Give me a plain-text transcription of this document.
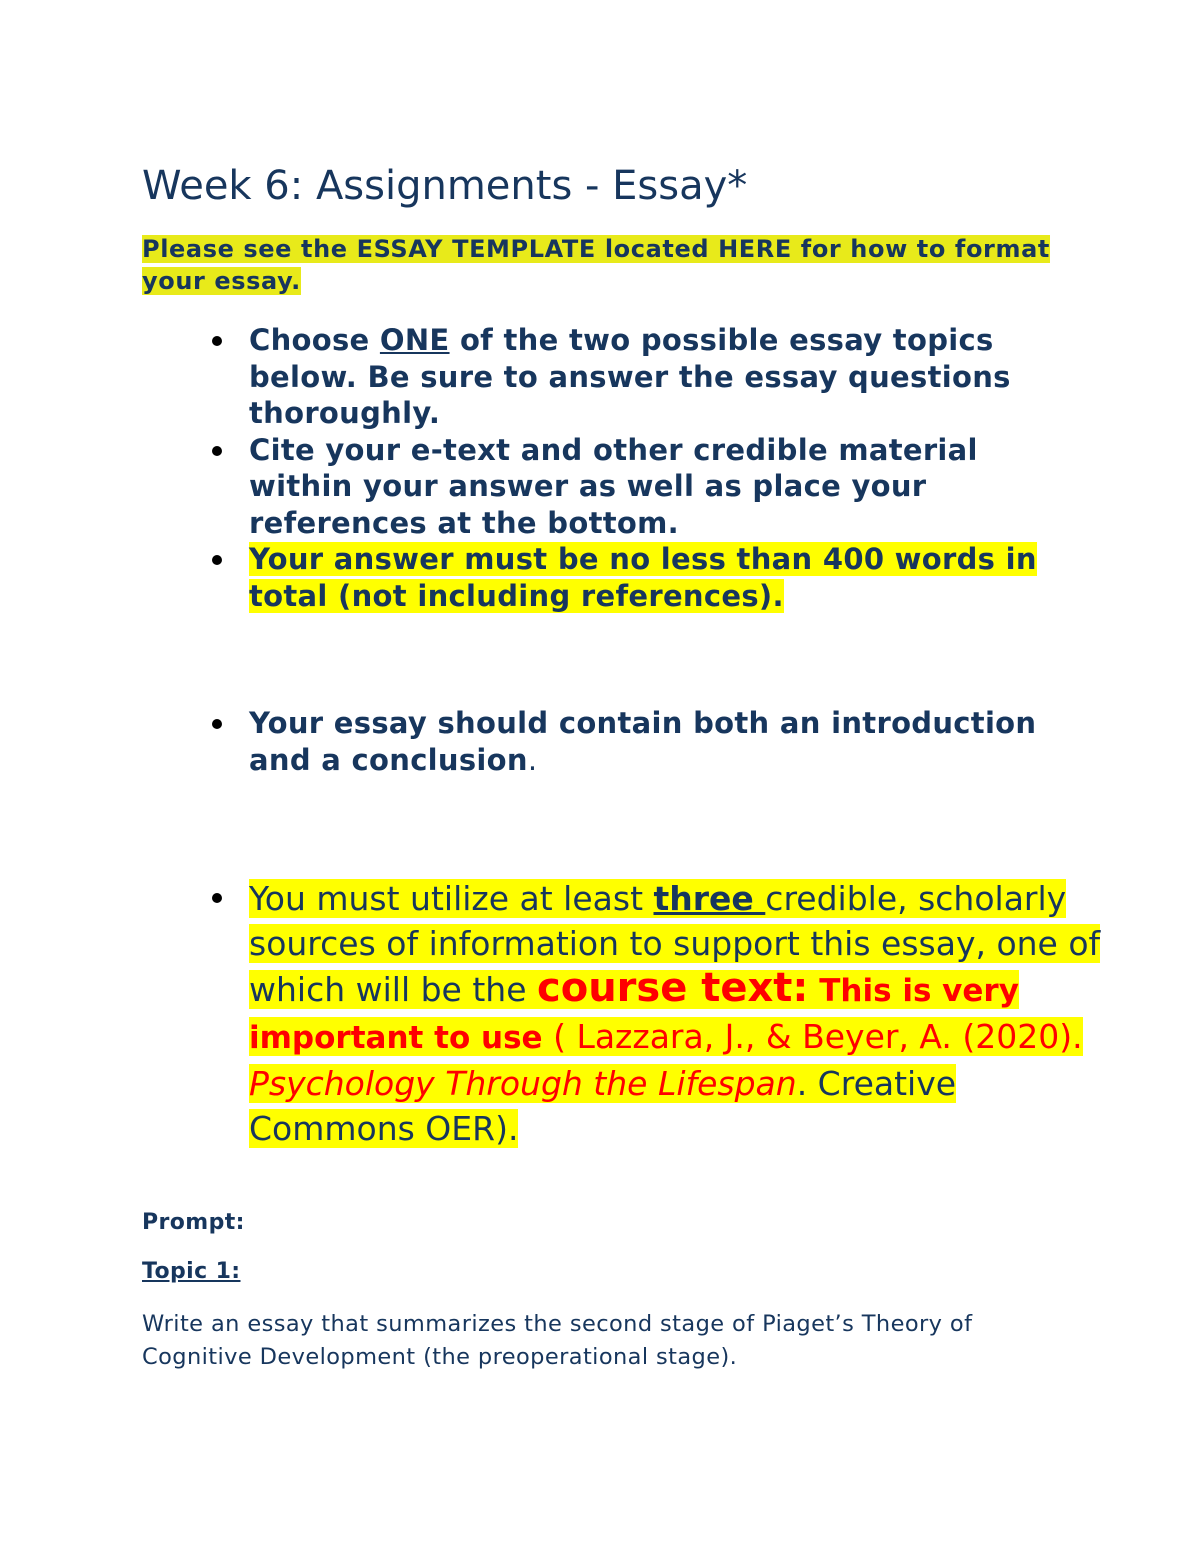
Week 6: Assignments - Essay*

Please see the ESSAY TEMPLATE located HERE for how to format your essay.

Choose ONE of the two possible essay topics below. Be sure to answer the essay questions thoroughly.
Cite your e-text and other credible material within your answer as well as place your references at the bottom.
Your answer must be no less than 400 words in total (not including references).
Your essay should contain both an introduction and a conclusion.
You must utilize at least three credible, scholarly sources of information to support this essay, one of which will be the course text: This is very important to use ( Lazzara, J., & Beyer, A. (2020). Psychology Through the Lifespan. Creative Commons OER).

Prompt:

Topic 1:

Write an essay that summarizes the second stage of Piaget’s Theory of Cognitive Development (the preoperational stage).
